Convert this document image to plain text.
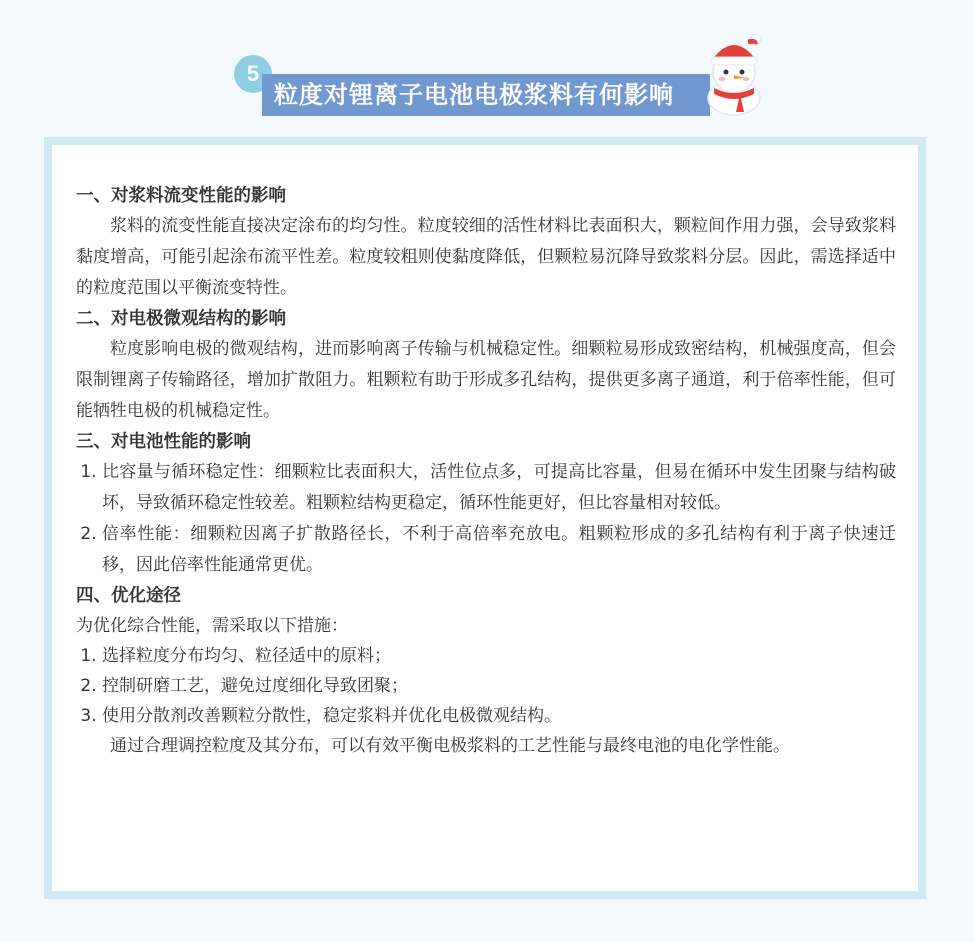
5
粒度对锂离子电池电极浆料有何影响
一、对浆料流变性能的影响
浆料的流变性能直接决定涂布的均匀性。粒度较细的活性材料比表面积大，颗粒间作用力强，会导致浆料黏度增高，可能引起涂布流平性差。粒度较粗则使黏度降低，但颗粒易沉降导致浆料分层。因此，需选择适中的粒度范围以平衡流变特性。
二、对电极微观结构的影响
粒度影响电极的微观结构，进而影响离子传输与机械稳定性。细颗粒易形成致密结构，机械强度高，但会限制锂离子传输路径，增加扩散阻力。粗颗粒有助于形成多孔结构，提供更多离子通道，利于倍率性能，但可能牺牲电极的机械稳定性。
三、对电池性能的影响
1. 比容量与循环稳定性：细颗粒比表面积大，活性位点多，可提高比容量，但易在循环中发生团聚与结构破坏，导致循环稳定性较差。粗颗粒结构更稳定，循环性能更好，但比容量相对较低。
2. 倍率性能：细颗粒因离子扩散路径长，不利于高倍率充放电。粗颗粒形成的多孔结构有利于离子快速迁移，因此倍率性能通常更优。
四、优化途径
为优化综合性能，需采取以下措施：
1. 选择粒度分布均匀、粒径适中的原料；
2. 控制研磨工艺，避免过度细化导致团聚；
3. 使用分散剂改善颗粒分散性，稳定浆料并优化电极微观结构。
通过合理调控粒度及其分布，可以有效平衡电极浆料的工艺性能与最终电池的电化学性能。
